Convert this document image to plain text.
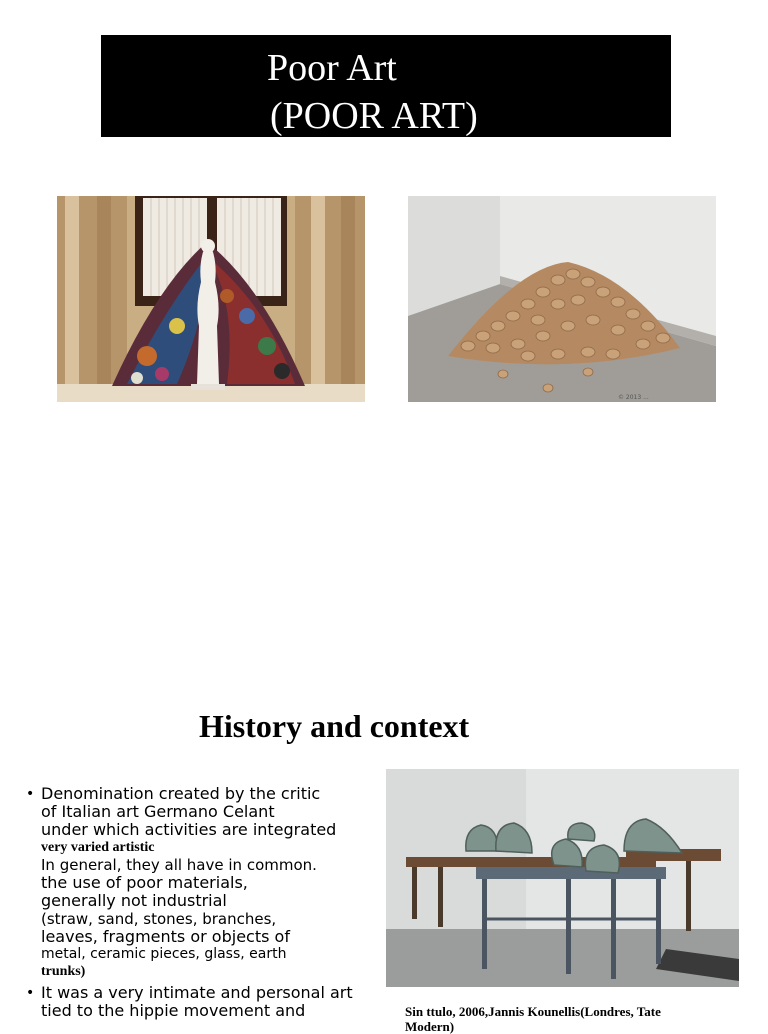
Poor Art
(POOR ART)
© 2013 ...
History and context
• Denomination created by the critic
of Italian art Germano Celant
under which activities are integrated
very varied artistic
In general, they all have in common.
the use of poor materials,
generally not industrial
(straw, sand, stones, branches,
leaves, fragments or objects of
metal, ceramic pieces, glass, earth
trunks)
• It was a very intimate and personal art
tied to the hippie movement and	Sin ttulo, 2006,Jannis Kounellis(Londres, Tate
Modern)
